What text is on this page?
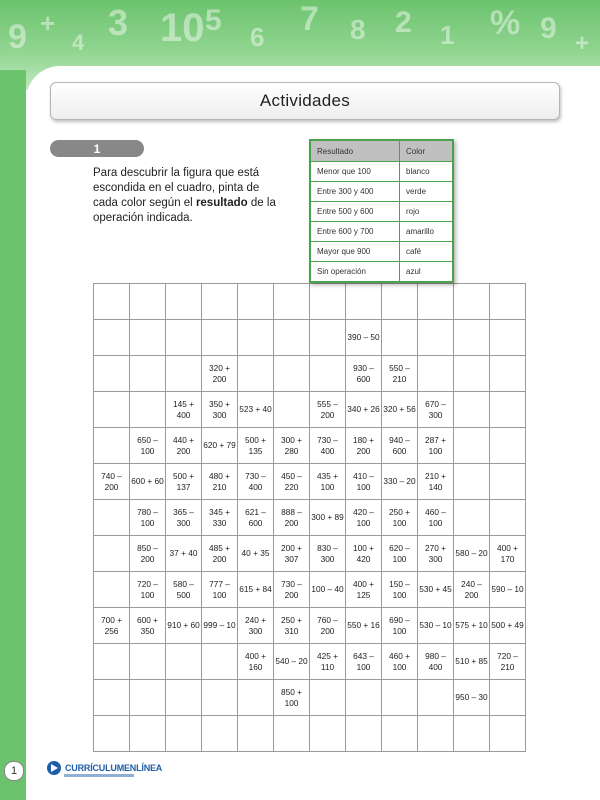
9 +
4 3 10 5 6 7 8 2 1 % 9 +
Actividades
1
Para descubrir la figura que está escondida en el cuadro, pinta de cada color según el resultado de la operación indicada.
Resultado	Color
Menor que 100	blanco
Entre 300 y 400	verde
Entre 500 y 600	rojo
Entre 600 y 700	amarillo
Mayor que 900	café
Sin operación	azul

							390 – 50				
			320 + 200				930 – 600	550 – 210			
		145 + 400	350 + 300	523 + 40		555 – 200	340 + 26	320 + 56	670 – 300		
	650 – 100	440 + 200	620 + 79	500 + 135	300 + 280	730 – 400	180 + 200	940 – 600	287 + 100		
740 – 200	600 + 60	500 + 137	480 + 210	730 – 400	450 – 220	435 + 100	410 – 100	330 – 20	210 + 140		
	780 – 100	365 – 300	345 + 330	621 – 600	888 – 200	300 + 89	420 – 100	250 + 100	460 – 100		
	850 – 200	37 + 40	485 + 200	40 + 35	200 + 307	830 – 300	100 + 420	620 – 100	270 + 300	580 – 20	400 + 170
	720 – 100	580 – 500	777 – 100	615 + 84	730 – 200	100 – 40	400 + 125	150 – 100	530 + 45	240 – 200	590 – 10
700 + 256	600 + 350	910 + 60	999 – 10	240 + 300	250 + 310	760 – 200	550 + 16	690 – 100	530 – 10	575 + 10	500 + 49
				400 + 160	540 – 20	425 + 110	643 – 100	460 + 100	980 – 400	510 + 85	720 – 210
					850 + 100					950 – 30	

1	CURRÍCULUMENLÍNEA
